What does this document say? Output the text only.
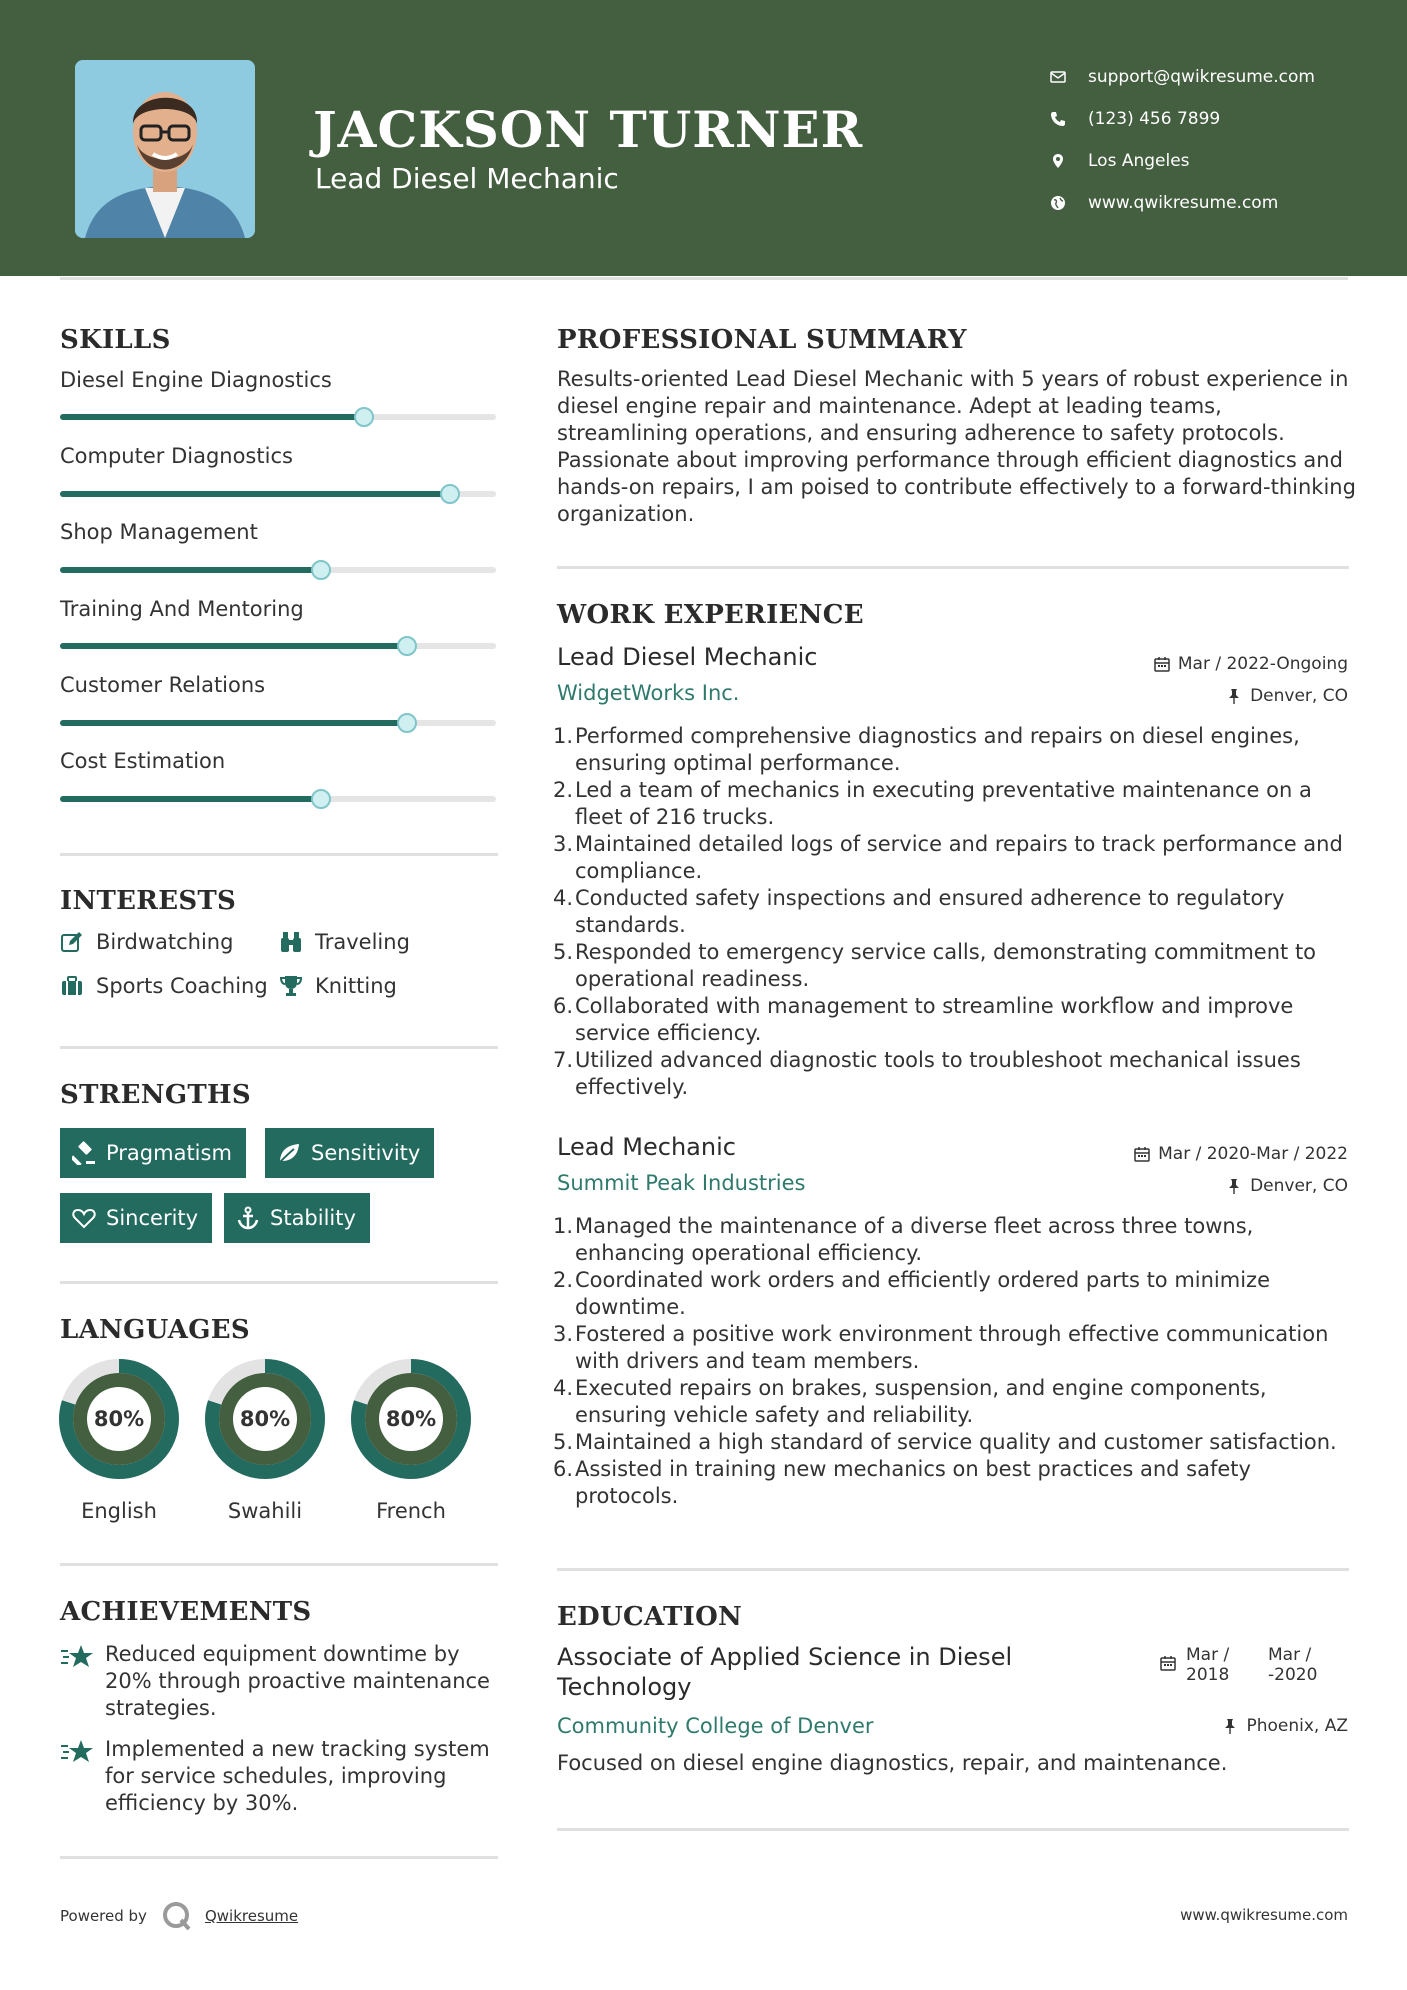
JACKSON TURNER
Lead Diesel Mechanic
support@qwikresume.com
(123) 456 7899
Los Angeles
www.qwikresume.com
SKILLS
Diesel Engine Diagnostics
Computer Diagnostics
Shop Management
Training And Mentoring
Customer Relations
Cost Estimation
INTERESTS
Birdwatching	Traveling
Sports Coaching Knitting
STRENGTHS
Pragmatism	Sensitivity
Sincerity	Stability
LANGUAGES
80%
English
80%
Swahili
80%
French
ACHIEVEMENTS
Reduced equipment downtime by 20% through proactive maintenance strategies.
Implemented a new tracking system for service schedules, improving efficiency by 30%.
PROFESSIONAL SUMMARY
Results-oriented Lead Diesel Mechanic with 5 years of robust experience in diesel engine repair and maintenance. Adept at leading teams, streamlining operations, and ensuring adherence to safety protocols. Passionate about improving performance through efficient diagnostics and hands-on repairs, I am poised to contribute effectively to a forward-thinking organization.
WORK EXPERIENCE
Lead Diesel Mechanic	Mar / 2022-Ongoing
WidgetWorks Inc.	Denver, CO
1. Performed comprehensive diagnostics and repairs on diesel engines, ensuring optimal performance.
2. Led a team of mechanics in executing preventative maintenance on a fleet of 216 trucks.
3. Maintained detailed logs of service and repairs to track performance and compliance.
4. Conducted safety inspections and ensured adherence to regulatory standards.
5. Responded to emergency service calls, demonstrating commitment to operational readiness.
6. Collaborated with management to streamline workflow and improve service efficiency.
7. Utilized advanced diagnostic tools to troubleshoot mechanical issues effectively.
Lead Mechanic	Mar / 2020-Mar / 2022
Summit Peak Industries	Denver, CO
1. Managed the maintenance of a diverse fleet across three towns, enhancing operational efficiency.
2. Coordinated work orders and efficiently ordered parts to minimize downtime.
3. Fostered a positive work environment through effective communication with drivers and team members.
4. Executed repairs on brakes, suspension, and engine components, ensuring vehicle safety and reliability.
5. Maintained a high standard of service quality and customer satisfaction.
6. Assisted in training new mechanics on best practices and safety protocols.
EDUCATION
Associate of Applied Science in Diesel Technology
Mar /
2018
Mar /
-2020
Community College of Denver	Phoenix, AZ
Focused on diesel engine diagnostics, repair, and maintenance.
Powered by	Qwikresume	www.qwikresume.com
